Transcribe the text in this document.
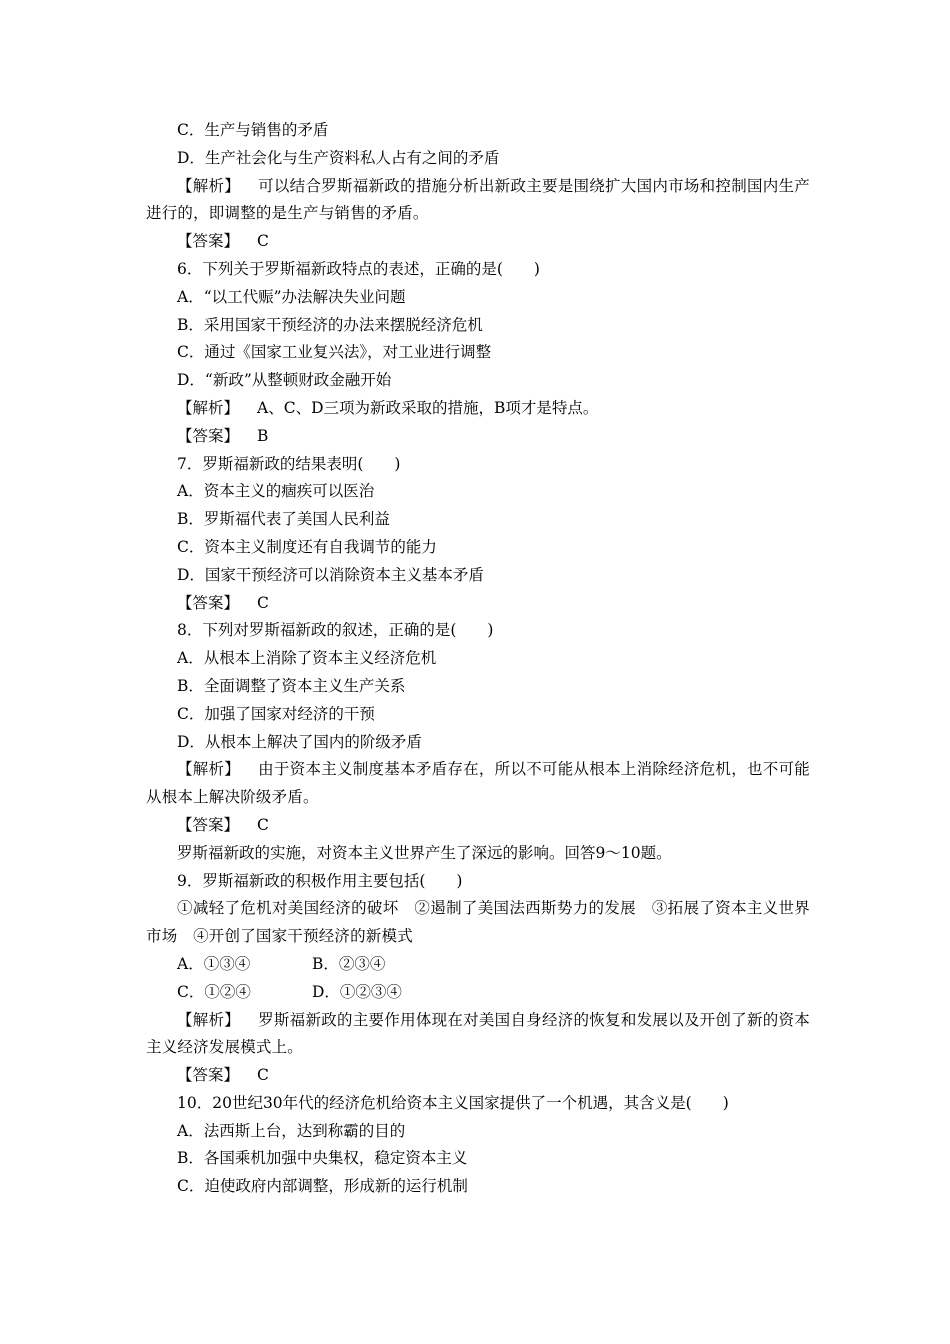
C．生产与销售的矛盾
D．生产社会化与生产资料私人占有之间的矛盾
【解析】 可以结合罗斯福新政的措施分析出新政主要是围绕扩大国内市场和控制国内生产进行的，即调整的是生产与销售的矛盾。
【答案】 C
6．下列关于罗斯福新政特点的表述，正确的是(　　)
A．“以工代赈”办法解决失业问题
B．采用国家干预经济的办法来摆脱经济危机
C．通过《国家工业复兴法》，对工业进行调整
D．“新政”从整顿财政金融开始
【解析】 A、C、D三项为新政采取的措施，B项才是特点。
【答案】 B
7．罗斯福新政的结果表明(　　)
A．资本主义的痼疾可以医治
B．罗斯福代表了美国人民利益
C．资本主义制度还有自我调节的能力
D．国家干预经济可以消除资本主义基本矛盾
【答案】 C
8．下列对罗斯福新政的叙述，正确的是(　　)
A．从根本上消除了资本主义经济危机
B．全面调整了资本主义生产关系
C．加强了国家对经济的干预
D．从根本上解决了国内的阶级矛盾
【解析】 由于资本主义制度基本矛盾存在，所以不可能从根本上消除经济危机，也不可能从根本上解决阶级矛盾。
【答案】 C
罗斯福新政的实施，对资本主义世界产生了深远的影响。回答9～10题。
9．罗斯福新政的积极作用主要包括(　　)
①减轻了危机对美国经济的破坏　②遏制了美国法西斯势力的发展　③拓展了资本主义世界市场　④开创了国家干预经济的新模式
A．①③④	B．②③④
C．①②④	D．①②③④
【解析】 罗斯福新政的主要作用体现在对美国自身经济的恢复和发展以及开创了新的资本主义经济发展模式上。
【答案】 C
10．20世纪30年代的经济危机给资本主义国家提供了一个机遇，其含义是(　　)
A．法西斯上台，达到称霸的目的
B．各国乘机加强中央集权，稳定资本主义
C．迫使政府内部调整，形成新的运行机制
